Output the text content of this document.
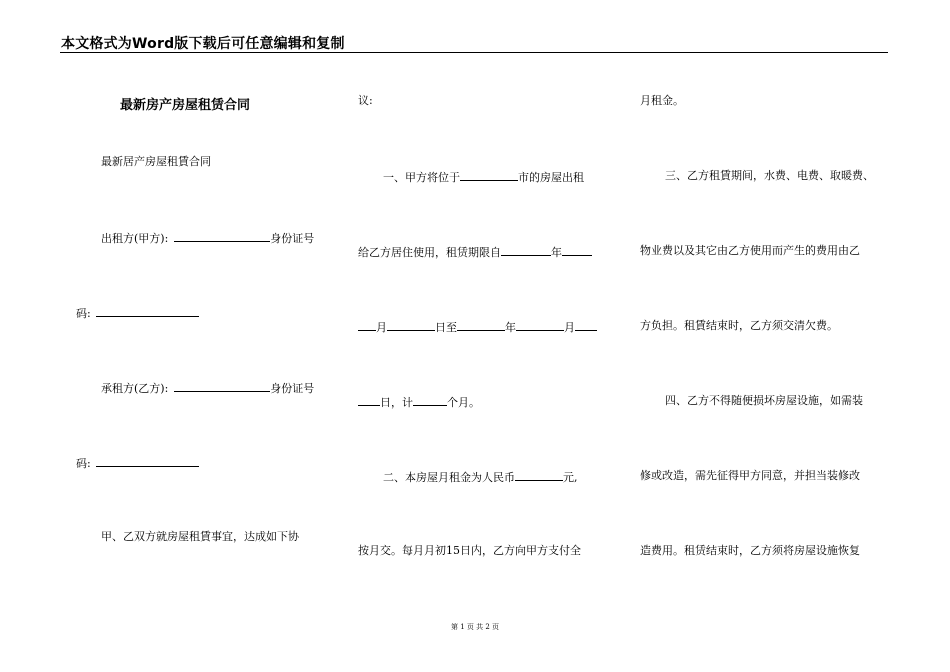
本文格式为Word版下载后可任意编辑和复制
最新房产房屋租赁合同
最新居产房屋租賃合同
出租方(甲方):	身份证号
码:
承租方(乙方):	身份证号
码:
甲、乙双方就房屋租賃事宜，达成如下协
议:
一、甲方将位于	市的房屋出租
给乙方居住使用，租赁期限自	年
月	日至	年	月
日，计	个月。
二、本房屋月租金为人民币	元,
按月交。每月月初15日内，乙方向甲方支付全
月租金。
三、乙方租賃期间，水费、电费、取暖费、
物业费以及其它由乙方使用而产生的费用由乙
方负担。租賃结束时，乙方须交清欠费。
四、乙方不得随便损坏房屋设施，如需装
修或改造，需先征得甲方同意，并担当装修改
造费用。租赁结束时，乙方须将房屋设施恢复
第 1 页 共 2 页
